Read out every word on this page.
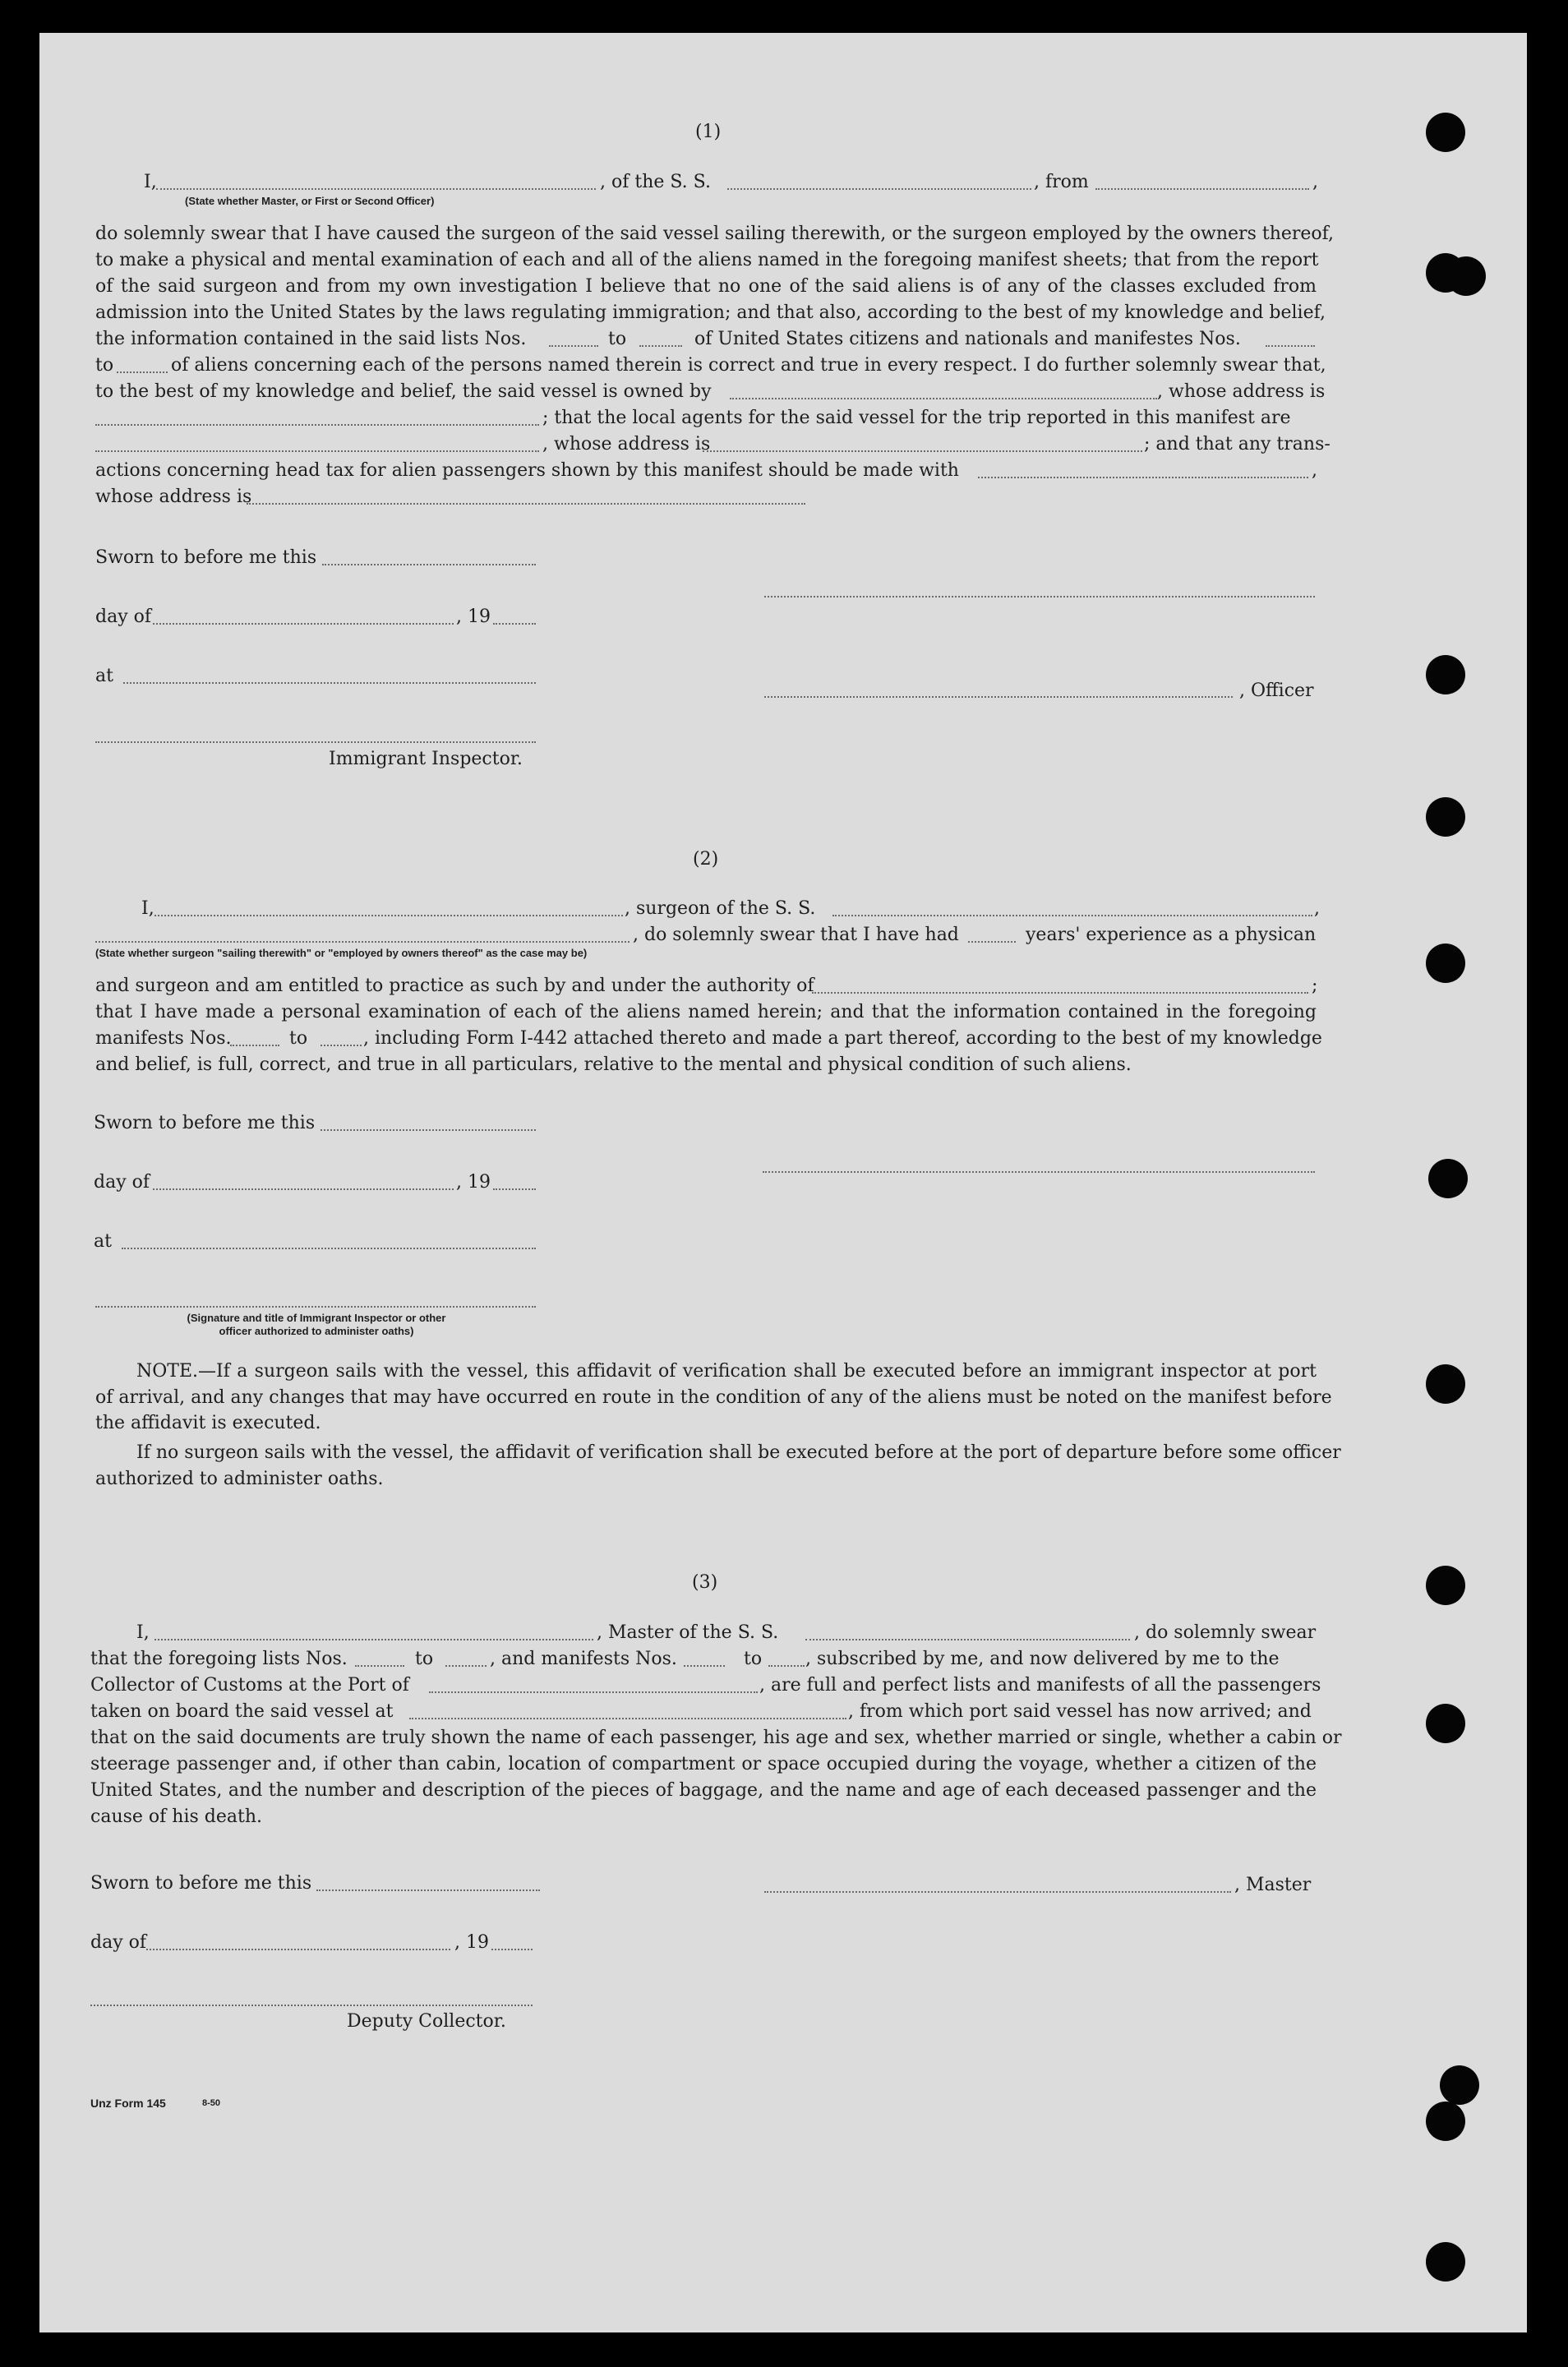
(1)
I,	, of the S. S.	, from	,
(State whether Master, or First or Second Officer)
do solemnly swear that I have caused the surgeon of the said vessel sailing therewith, or the surgeon employed by the owners thereof,
to make a physical and mental examination of each and all of the aliens named in the foregoing manifest sheets; that from the report
of the said surgeon and from my own investigation I believe that no one of the said aliens is of any of the classes excluded from
admission into the United States by the laws regulating immigration; and that also, according to the best of my knowledge and belief,
the information contained in the said lists Nos.	to	of United States citizens and nationals and manifestes Nos.
to	of aliens concerning each of the persons named therein is correct and true in every respect. I do further solemnly swear that,
to the best of my knowledge and belief, the said vessel is owned by	, whose address is
; that the local agents for the said vessel for the trip reported in this manifest are
, whose address is	; and that any trans-
actions concerning head tax for alien passengers shown by this manifest should be made with	,
whose address is
Sworn to before me this
day of	, 19
at
, Officer
Immigrant Inspector.
(2)
I,	, surgeon of the S. S.	,
, do solemnly swear that I have had	years' experience as a physican
(State whether surgeon "sailing therewith" or "employed by owners thereof" as the case may be)
and surgeon and am entitled to practice as such by and under the authority of	;
that I have made a personal examination of each of the aliens named herein; and that the information contained in the foregoing
manifests Nos.	to	, including Form I-442 attached thereto and made a part thereof, according to the best of my knowledge
and belief, is full, correct, and true in all particulars, relative to the mental and physical condition of such aliens.
Sworn to before me this
day of	, 19
at
(Signature and title of Immigrant Inspector or other
officer authorized to administer oaths)
NOTE.—If a surgeon sails with the vessel, this affidavit of verification shall be executed before an immigrant inspector at port
of arrival, and any changes that may have occurred en route in the condition of any of the aliens must be noted on the manifest before
the affidavit is executed.
If no surgeon sails with the vessel, the affidavit of verification shall be executed before at the port of departure before some officer
authorized to administer oaths.
(3)
I,	, Master of the S. S.	, do solemnly swear
that the foregoing lists Nos.	to	, and manifests Nos.	to , subscribed by me, and now delivered by me to the
Collector of Customs at the Port of	, are full and perfect lists and manifests of all the passengers
taken on board the said vessel at	, from which port said vessel has now arrived; and
that on the said documents are truly shown the name of each passenger, his age and sex, whether married or single, whether a cabin or
steerage passenger and, if other than cabin, location of compartment or space occupied during the voyage, whether a citizen of the
United States, and the number and description of the pieces of baggage, and the name and age of each deceased passenger and the
cause of his death.
Sworn to before me this	, Master
day of	, 19
Deputy Collector.
Unz Form 145	8-50
